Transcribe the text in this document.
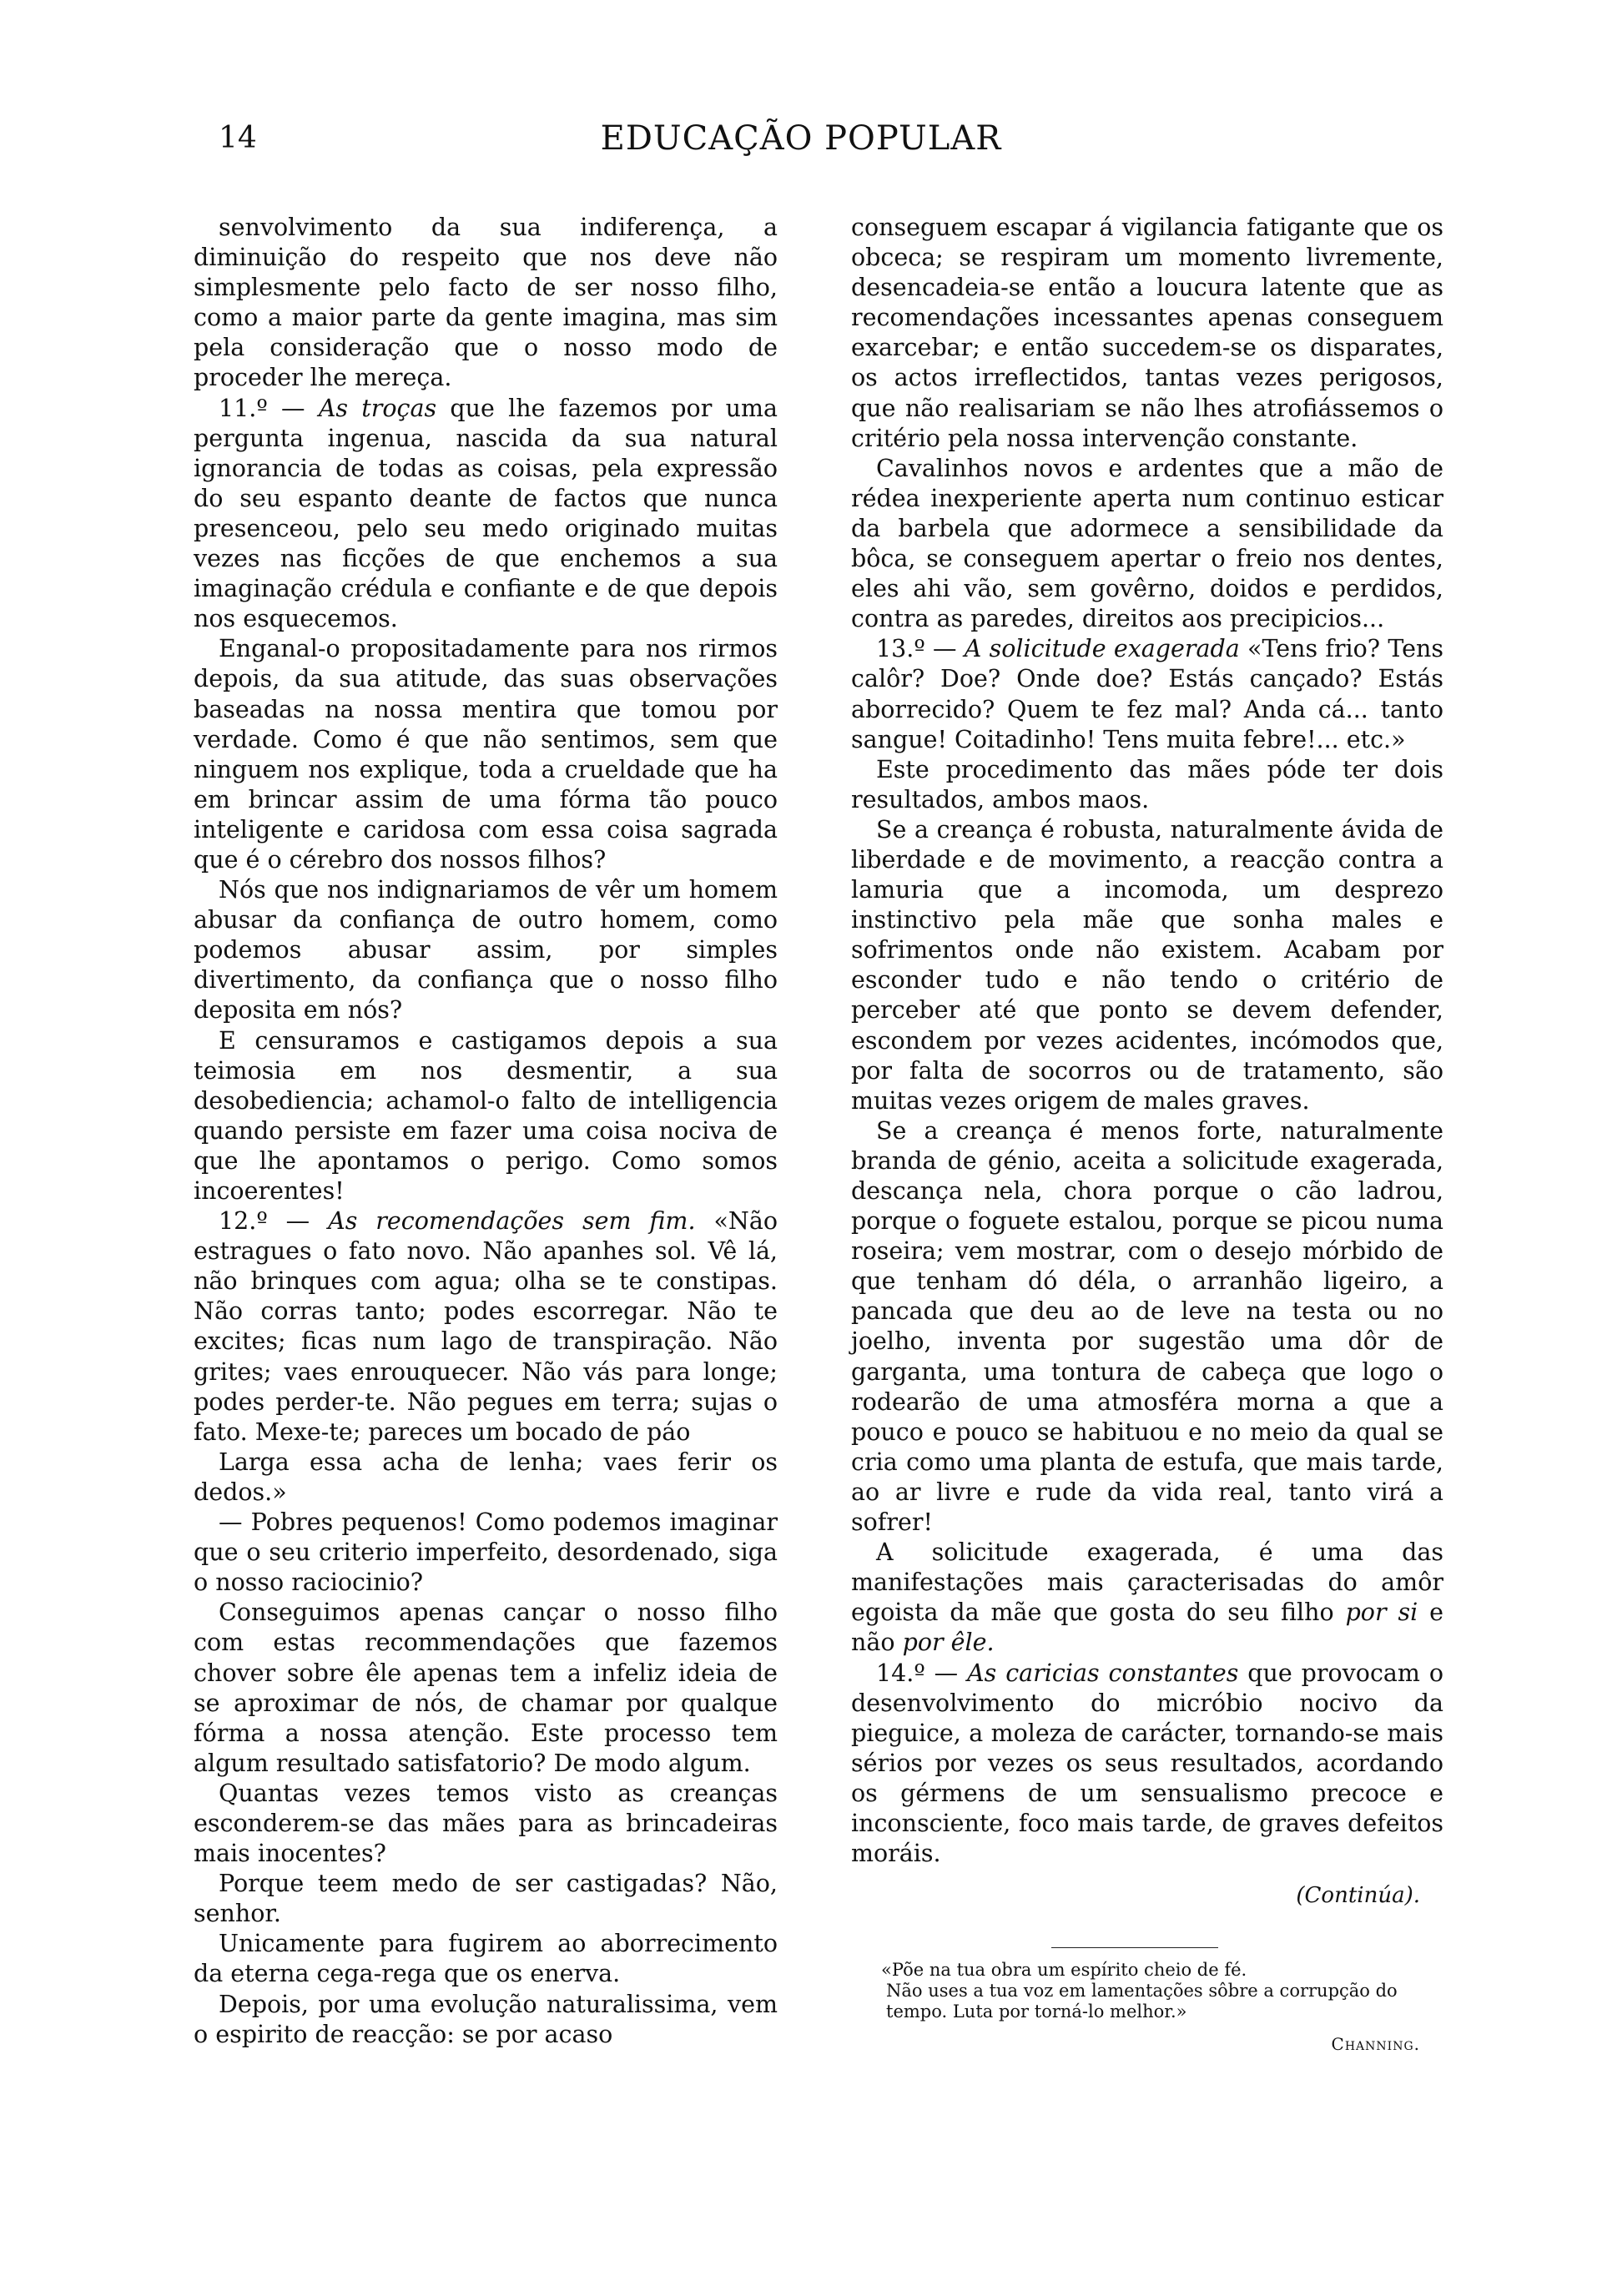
14	EDUCAÇÃO POPULAR

senvolvimento da sua indiferença, a diminuição do respeito que nos deve não simplesmente pelo facto de ser nosso filho, como a maior parte da gente imagina, mas sim pela consideração que o nosso modo de proceder lhe mereça.

11.º — As troças que lhe fazemos por uma pergunta ingenua, nascida da sua natural ignorancia de todas as coisas, pela expressão do seu espanto deante de factos que nunca presenceou, pelo seu medo originado muitas vezes nas ficções de que enchemos a sua imaginação crédula e confiante e de que depois nos esquecemos.

Enganal-o propositadamente para nos rirmos depois, da sua atitude, das suas observações baseadas na nossa mentira que tomou por verdade. Como é que não sentimos, sem que ninguem nos explique, toda a crueldade que ha em brincar assim de uma fórma tão pouco inteligente e caridosa com essa coisa sagrada que é o cérebro dos nossos filhos?

Nós que nos indignariamos de vêr um homem abusar da confiança de outro homem, como podemos abusar assim, por simples divertimento, da confiança que o nosso filho deposita em nós?

E censuramos e castigamos depois a sua teimosia em nos desmentir, a sua desobediencia; achamol-o falto de intelligencia quando persiste em fazer uma coisa nociva de que lhe apontamos o perigo. Como somos incoerentes!

12.º — As recomendações sem fim. «Não estragues o fato novo. Não apanhes sol. Vê lá, não brinques com agua; olha se te constipas. Não corras tanto; podes escorregar. Não te excites; ficas num lago de transpiração. Não grites; vaes enrouquecer. Não vás para longe; podes perder-te. Não pegues em terra; sujas o fato. Mexe-te; pareces um bocado de páo

Larga essa acha de lenha; vaes ferir os dedos.»

— Pobres pequenos! Como podemos imaginar que o seu criterio imperfeito, desordenado, siga o nosso raciocinio?

Conseguimos apenas cançar o nosso filho com estas recommendações que fazemos chover sobre êle apenas tem a infeliz ideia de se aproximar de nós, de chamar por qualque fórma a nossa atenção. Este processo tem algum resultado satisfatorio? De modo algum.

Quantas vezes temos visto as creanças esconderem-se das mães para as brincadeiras mais inocentes?

Porque teem medo de ser castigadas? Não, senhor.

Unicamente para fugirem ao aborrecimento da eterna cega-rega que os enerva.

Depois, por uma evolução naturalissima, vem o espirito de reacção: se por acaso

conseguem escapar á vigilancia fatigante que os obceca; se respiram um momento livremente, desencadeia-se então a loucura latente que as recomendações incessantes apenas conseguem exarcebar; e então succedem-se os disparates, os actos irreflectidos, tantas vezes perigosos, que não realisariam se não lhes atrofiássemos o critério pela nossa intervenção constante.

Cavalinhos novos e ardentes que a mão de rédea inexperiente aperta num continuo esticar da barbela que adormece a sensibilidade da bôca, se conseguem apertar o freio nos dentes, eles ahi vão, sem govêrno, doidos e perdidos, contra as paredes, direitos aos precipicios...

13.º — A solicitude exagerada «Tens frio? Tens calôr? Doe? Onde doe? Estás cançado? Estás aborrecido? Quem te fez mal? Anda cá... tanto sangue! Coitadinho! Tens muita febre!... etc.»

Este procedimento das mães póde ter dois resultados, ambos maos.

Se a creança é robusta, naturalmente ávida de liberdade e de movimento, a reacção contra a lamuria que a incomoda, um desprezo instinctivo pela mãe que sonha males e sofrimentos onde não existem. Acabam por esconder tudo e não tendo o critério de perceber até que ponto se devem defender, escondem por vezes acidentes, incómodos que, por falta de socorros ou de tratamento, são muitas vezes origem de males graves.

Se a creança é menos forte, naturalmente branda de génio, aceita a solicitude exagerada, descança nela, chora porque o cão ladrou, porque o foguete estalou, porque se picou numa roseira; vem mostrar, com o desejo mórbido de que tenham dó déla, o arranhão ligeiro, a pancada que deu ao de leve na testa ou no joelho, inventa por sugestão uma dôr de garganta, uma tontura de cabeça que logo o rodearão de uma atmosféra morna a que a pouco e pouco se habituou e no meio da qual se cria como uma planta de estufa, que mais tarde, ao ar livre e rude da vida real, tanto virá a sofrer!

A solicitude exagerada, é uma das manifestações mais çaracterisadas do amôr egoista da mãe que gosta do seu filho por si e não por êle.

14.º — As caricias constantes que provocam o desenvolvimento do micróbio nocivo da pieguice, a moleza de carácter, tornando-se mais sérios por vezes os seus resultados, acordando os gérmens de um sensualismo precoce e inconsciente, foco mais tarde, de graves defeitos moráis.

(Continúa).

«Põe na tua obra um espírito cheio de fé.

Não uses a tua voz em lamentações sôbre a corrupção do tempo. Luta por torná-lo melhor.»

Channing.
